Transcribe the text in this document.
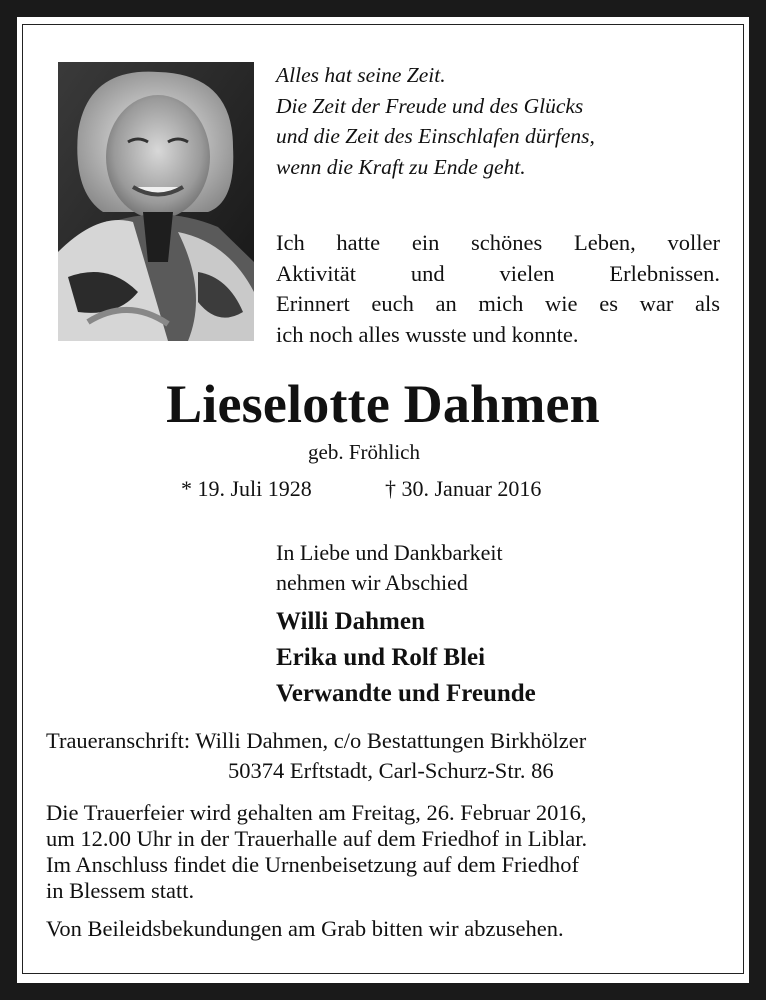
Alles hat seine Zeit.
Die Zeit der Freude und des Glücks
und die Zeit des Einschlafen dürfens,
wenn die Kraft zu Ende geht.
Ich hatte ein schönes Leben, voller
Aktivität und vielen Erlebnissen.
Erinnert euch an mich wie es war als
ich noch alles wusste und konnte.
Lieselotte Dahmen
geb. Fröhlich
* 19. Juli 1928	† 30. Januar 2016
In Liebe und Dankbarkeit
nehmen wir Abschied
Willi Dahmen
Erika und Rolf Blei
Verwandte und Freunde
Traueranschrift: Willi Dahmen, c/o Bestattungen Birkhölzer
50374 Erftstadt, Carl-Schurz-Str. 86
Die Trauerfeier wird gehalten am Freitag, 26. Februar 2016,
um 12.00 Uhr in der Trauerhalle auf dem Friedhof in Liblar.
Im Anschluss findet die Urnenbeisetzung auf dem Friedhof
in Blessem statt.
Von Beileidsbekundungen am Grab bitten wir abzusehen.
